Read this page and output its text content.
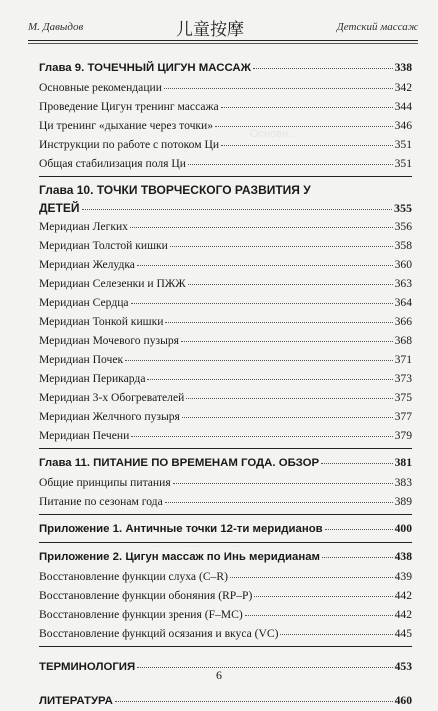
Основн...
··················
··························
М. Давыдов	儿童按摩	Детский массаж
Глава 9. ТОЧЕЧНЫЙ ЦИГУН МАССАЖ	338
Основные рекомендации	342
Проведение Цигун тренинг массажа	344
Ци тренинг «дыхание через точки»	346
Инструкции по работе с потоком Ци	351
Общая стабилизация поля Ци	351
Глава 10. ТОЧКИ ТВОРЧЕСКОГО РАЗВИТИЯ У
ДЕТЕЙ	355
Меридиан Легких	356
Меридиан Толстой кишки	358
Меридиан Желудка	360
Меридиан Селезенки и ПЖЖ	363
Меридиан Сердца	364
Меридиан Тонкой кишки	366
Меридиан Мочевого пузыря	368
Меридиан Почек	371
Меридиан Перикарда	373
Меридиан 3-х Обогревателей	375
Меридиан Желчного пузыря	377
Меридиан Печени	379
Глава 11. ПИТАНИЕ ПО ВРЕМЕНАМ ГОДА. ОБЗОР	381
Общие принципы питания	383
Питание по сезонам года	389
Приложение 1. Античные точки 12-ти меридианов	400
Приложение 2. Цигун массаж по Инь меридианам	438
Восстановление функции слуха (C–R)	439
Восстановление функции обоняния (RP–P)	442
Восстановление функции зрения (F–MC)	442
Восстановление функций осязания и вкуса (VC)	445
ТЕРМИНОЛОГИЯ	453
ЛИТЕРАТУРА	460
6
